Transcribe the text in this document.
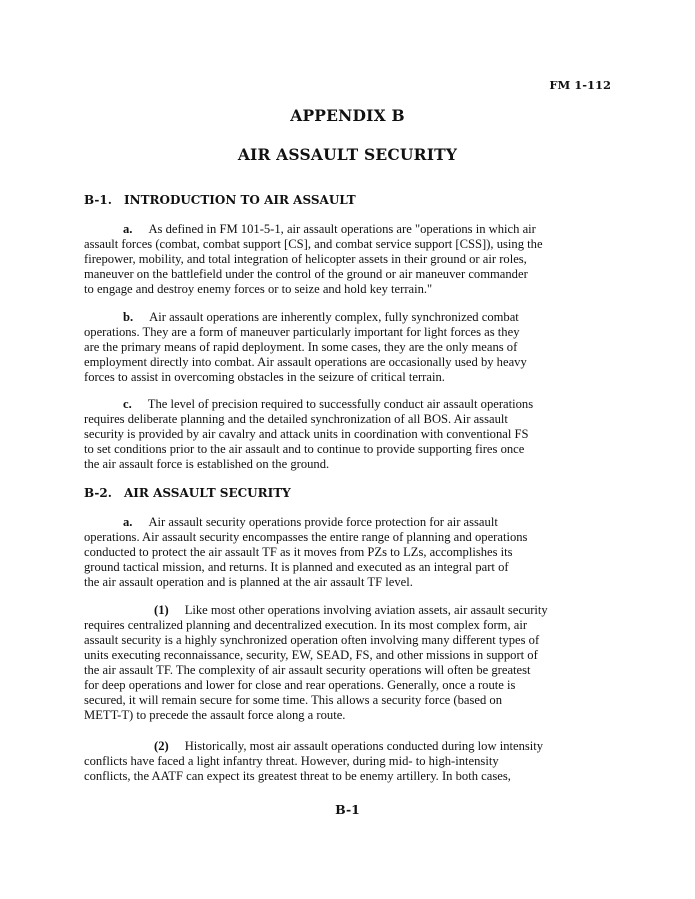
FM 1-112
APPENDIX B
AIR ASSAULT SECURITY
B-1. INTRODUCTION TO AIR ASSAULT
a. As defined in FM 101-5-1, air assault operations are "operations in which air
assault forces (combat, combat support [CS], and combat service support [CSS]), using the
firepower, mobility, and total integration of helicopter assets in their ground or air roles,
maneuver on the battlefield under the control of the ground or air maneuver commander
to engage and destroy enemy forces or to seize and hold key terrain."
b. Air assault operations are inherently complex, fully synchronized combat
operations. They are a form of maneuver particularly important for light forces as they
are the primary means of rapid deployment. In some cases, they are the only means of
employment directly into combat. Air assault operations are occasionally used by heavy
forces to assist in overcoming obstacles in the seizure of critical terrain.
c. The level of precision required to successfully conduct air assault operations
requires deliberate planning and the detailed synchronization of all BOS. Air assault
security is provided by air cavalry and attack units in coordination with conventional FS
to set conditions prior to the air assault and to continue to provide supporting fires once
the air assault force is established on the ground.
B-2. AIR ASSAULT SECURITY
a. Air assault security operations provide force protection for air assault
operations. Air assault security encompasses the entire range of planning and operations
conducted to protect the air assault TF as it moves from PZs to LZs, accomplishes its
ground tactical mission, and returns. It is planned and executed as an integral part of
the air assault operation and is planned at the air assault TF level.
(1) Like most other operations involving aviation assets, air assault security
requires centralized planning and decentralized execution. In its most complex form, air
assault security is a highly synchronized operation often involving many different types of
units executing reconnaissance, security, EW, SEAD, FS, and other missions in support of
the air assault TF. The complexity of air assault security operations will often be greatest
for deep operations and lower for close and rear operations. Generally, once a route is
secured, it will remain secure for some time. This allows a security force (based on
METT-T) to precede the assault force along a route.
(2) Historically, most air assault operations conducted during low intensity
conflicts have faced a light infantry threat. However, during mid- to high-intensity
conflicts, the AATF can expect its greatest threat to be enemy artillery. In both cases,
B-1
